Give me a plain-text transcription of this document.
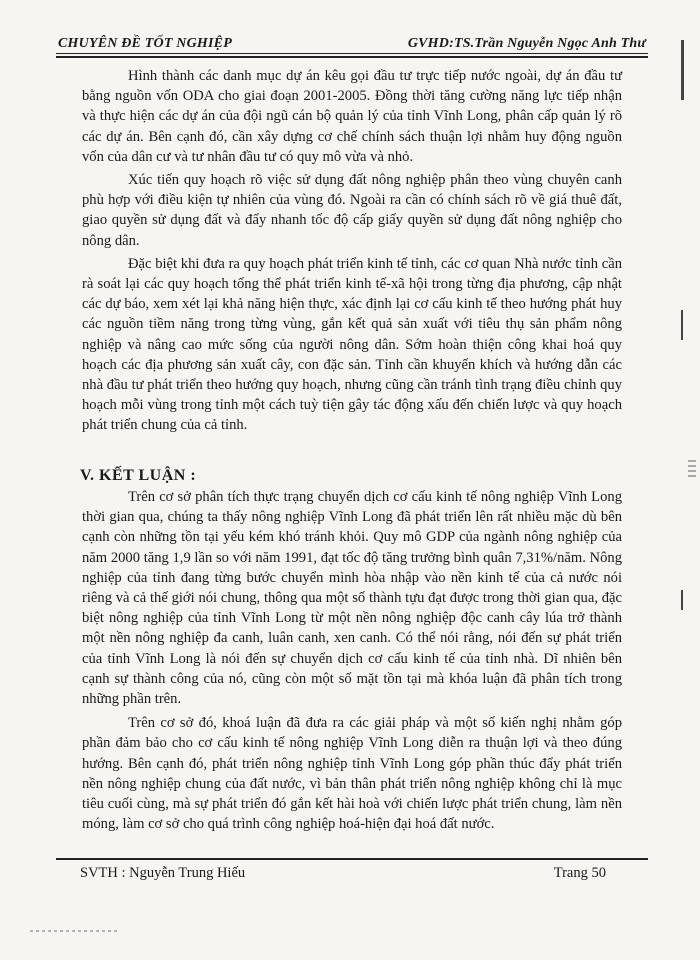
CHUYÊN ĐỀ TỐT NGHIỆP	GVHD:TS.Trần Nguyễn Ngọc Anh Thư

Hình thành các danh mục dự án kêu gọi đầu tư trực tiếp nước ngoài, dự án đầu tư bằng nguồn vốn ODA cho giai đoạn 2001-2005. Đồng thời tăng cường năng lực tiếp nhận và thực hiện các dự án của đội ngũ cán bộ quản lý của tỉnh Vĩnh Long, phân cấp quản lý rõ các dự án. Bên cạnh đó, cần xây dựng cơ chế chính sách thuận lợi nhằm huy động nguồn vốn của dân cư và tư nhân đầu tư có quy mô vừa và nhỏ.

Xúc tiến quy hoạch rõ việc sử dụng đất nông nghiệp phân theo vùng chuyên canh phù hợp với điều kiện tự nhiên của vùng đó. Ngoài ra cần có chính sách rõ về giá thuê đất, giao quyền sử dụng đất và đẩy nhanh tốc độ cấp giấy quyền sử dụng đất nông nghiệp cho nông dân.

Đặc biệt khi đưa ra quy hoạch phát triển kinh tế tỉnh, các cơ quan Nhà nước tỉnh cần rà soát lại các quy hoạch tổng thể phát triển kinh tế-xã hội trong từng địa phương, cập nhật các dự báo, xem xét lại khả năng hiện thực, xác định lại cơ cấu kinh tế theo hướng phát huy các nguồn tiềm năng trong từng vùng, gắn kết quả sản xuất với tiêu thụ sản phẩm nông nghiệp và nâng cao mức sống của người nông dân. Sớm hoàn thiện công khai hoá quy hoạch các địa phương sản xuất cây, con đặc sản. Tỉnh cần khuyến khích và hướng dẫn các nhà đầu tư phát triển theo hướng quy hoạch, nhưng cũng cần tránh tình trạng điều chỉnh quy hoạch mỗi vùng trong tỉnh một cách tuỳ tiện gây tác động xấu đến chiến lược và quy hoạch phát triển chung của cả tỉnh.

V. KẾT LUẬN :

Trên cơ sở phân tích thực trạng chuyển dịch cơ cấu kinh tế nông nghiệp Vĩnh Long thời gian qua, chúng ta thấy nông nghiệp Vĩnh Long đã phát triển lên rất nhiều mặc dù bên cạnh còn những tồn tại yếu kém khó tránh khỏi. Quy mô GDP của ngành nông nghiệp của năm 2000 tăng 1,9 lần so với năm 1991, đạt tốc độ tăng trưởng bình quân 7,31%/năm. Nông nghiệp của tỉnh đang từng bước chuyển mình hòa nhập vào nền kinh tế của cả nước nói riêng và cả thế giới nói chung, thông qua một số thành tựu đạt được trong thời gian qua, đặc biệt nông nghiệp của tỉnh Vĩnh Long từ một nền nông nghiệp độc canh cây lúa trở thành một nền nông nghiệp đa canh, luân canh, xen canh. Có thể nói rằng, nói đến sự phát triển của tỉnh Vĩnh Long là nói đến sự chuyển dịch cơ cấu kinh tế của tỉnh nhà. Dĩ nhiên bên cạnh sự thành công của nó, cũng còn một số mặt tồn tại mà khóa luận đã phân tích trong những phần trên.

Trên cơ sở đó, khoá luận đã đưa ra các giải pháp và một số kiến nghị nhằm góp phần đảm bảo cho cơ cấu kinh tế nông nghiệp Vĩnh Long diễn ra thuận lợi và theo đúng hướng. Bên cạnh đó, phát triển nông nghiệp tỉnh Vĩnh Long góp phần thúc đẩy phát triển nền nông nghiệp chung của đất nước, vì bản thân phát triển nông nghiệp không chỉ là mục tiêu cuối cùng, mà sự phát triển đó gắn kết hài hoà với chiến lược phát triển chung, làm nền móng, làm cơ sở cho quá trình công nghiệp hoá-hiện đại hoá đất nước.

SVTH : Nguyễn Trung Hiếu	Trang 50
